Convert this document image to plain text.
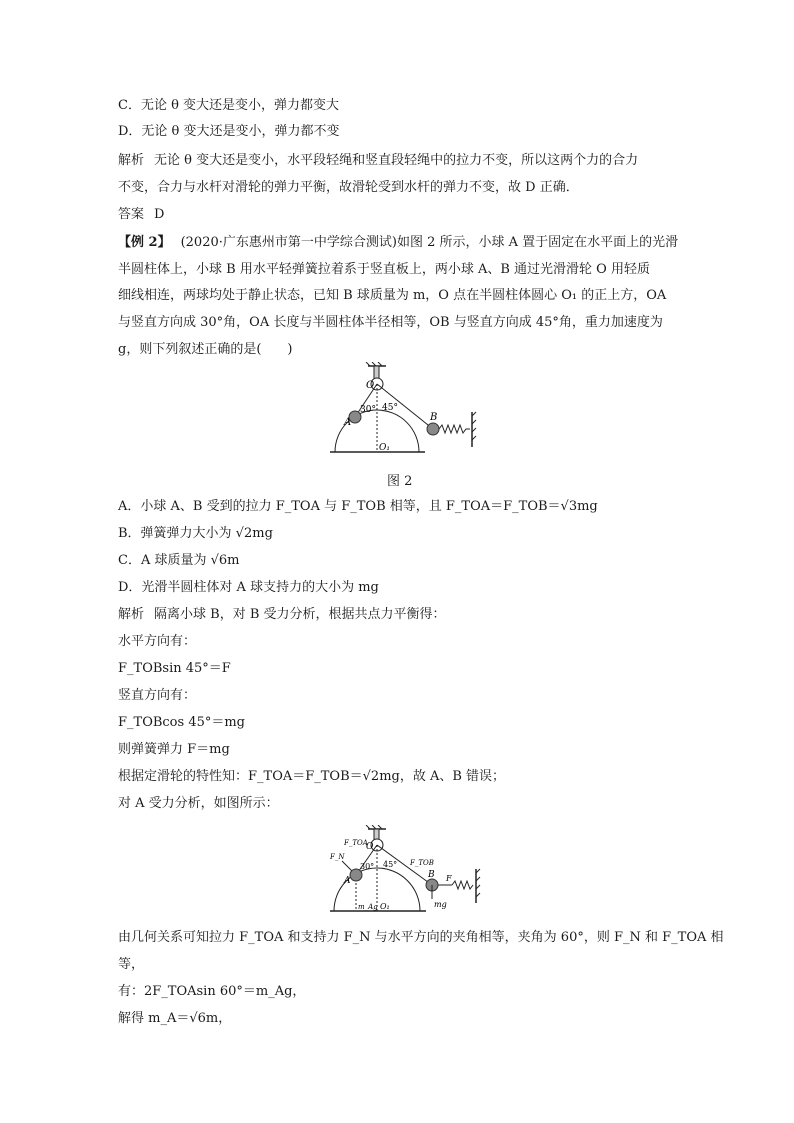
C．无论 θ 变大还是变小，弹力都变大
D．无论 θ 变大还是变小，弹力都不变
解析 无论 θ 变大还是变小，水平段轻绳和竖直段轻绳中的拉力不变，所以这两个力的合力
不变，合力与水杆对滑轮的弹力平衡，故滑轮受到水杆的弹力不变，故 D 正确．
答案 D
【例 2】 (2020·广东惠州市第一中学综合测试)如图 2 所示，小球 A 置于固定在水平面上的光滑
半圆柱体上，小球 B 用水平轻弹簧拉着系于竖直板上，两小球 A、B 通过光滑滑轮 O 用轻质
细线相连，两球均处于静止状态，已知 B 球质量为 m，O 点在半圆柱体圆心 O₁ 的正上方，OA
与竖直方向成 30°角，OA 长度与半圆柱体半径相等，OB 与竖直方向成 45°角，重力加速度为
g，则下列叙述正确的是(　　)
O
A	B
O₁
30° 45°
图 2
A．小球 A、B 受到的拉力 F_TOA 与 F_TOB 相等，且 F_TOA＝F_TOB＝√3mg
B．弹簧弹力大小为 √2mg
C．A 球质量为 √6m
D．光滑半圆柱体对 A 球支持力的大小为 mg
解析 隔离小球 B，对 B 受力分析，根据共点力平衡得：
水平方向有：
F_TOBsin 45°＝F
竖直方向有：
F_TOBcos 45°＝mg
则弹簧弹力 F＝mg
根据定滑轮的特性知：F_TOA＝F_TOB＝√2mg，故 A、B 错误；
对 A 受力分析，如图所示：
O
A
B
O₁
30° 45°
F_TOA
F_TOB
F_N
F
mg
m_Ag
由几何关系可知拉力 F_TOA 和支持力 F_N 与水平方向的夹角相等，夹角为 60°，则 F_N 和 F_TOA 相
等，
有：2F_TOAsin 60°＝m_Ag，
解得 m_A＝√6m，
